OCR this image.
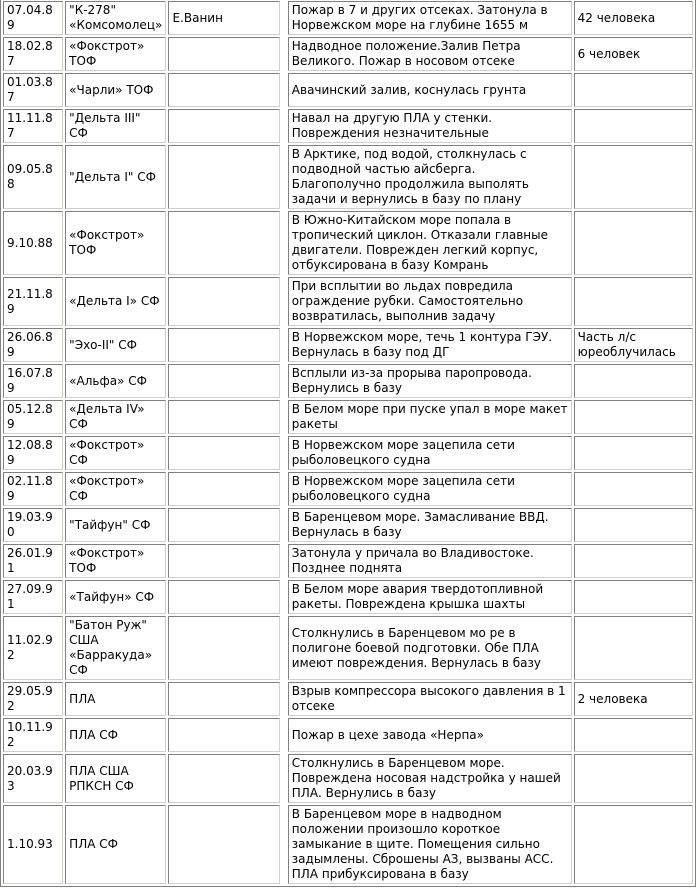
07.04.89	"К-278" «Комсомолец»	Е.Ванин		Пожар в 7 и других отсеках. Затонула в Норвежском море на глубине 1655 м	42 человека
18.02.87	«Фокстрот» ТОФ			Надводное положение.Залив Петра Великого. Пожар в носовом отсеке	6 человек
01.03.87	«Чарли» ТОФ			Авачинский залив, коснулась грунта	
11.11.87	"Дельта III" СФ			Навал на другую ПЛА у стенки. Повреждения незначительные	
09.05.88	"Дельта I" СФ			В Арктике, под водой, столкнулась с подводной частью айсберга. Благополучно продолжила выполять задачи и вернулись в базу по плану	
9.10.88	«Фокстрот» ТОФ			В Южно-Китайском море попала в тропический циклон. Отказали главные двигатели. Поврежден легкий корпус, отбуксирована в базу Комрань	
21.11.89	«Дельта I» СФ			При всплытии во льдах повредила ограждение рубки. Самостоятельно возвратилась, выполнив задачу	
26.06.89	"Эхо-II" СФ			В Норвежском море, течь 1 контура ГЭУ. Вернулась в базу под ДГ	Часть л/с юреоблучилась
16.07.89	«Альфа» СФ			Всплыли из-за прорыва паропровода. Вернулись в базу	
05.12.89	«Дельта IV» СФ			В Белом море при пуске упал в море макет ракеты	
12.08.89	«Фокстрот» СФ			В Норвежском море зацепила сети рыболовецкого судна	
02.11.89	«Фокстрот» СФ			В Норвежском море зацепила сети рыболовецкого судна	
19.03.90	"Тайфун" СФ			В Баренцевом море. Замасливание ВВД. Вернулась в базу	
26.01.91	«Фокстрот» ТОФ			Затонула у причала во Владивостоке. Позднее поднята	
27.09.91	«Тайфун» СФ			В Белом море авария твердотопливной ракеты. Повреждена крышка шахты	
11.02.92	"Батон Руж" США «Барракуда» СФ			Столкнулись в Баренцевом мо ре в полигоне боевой подготовки. Обе ПЛА имеют повреждения. Вернулась в базу	
29.05.92	ПЛА			Взрыв компрессора высокого давления в 1 отсеке	2 человека
10.11.92	ПЛА СФ			Пожар в цехе завода «Нерпа»	
20.03.93	ПЛА США РПКСН СФ			Столкнулись в Баренцевом море. Повреждена носовая надстройка у нашей ПЛА. Вернулись в базу	
1.10.93	ПЛА СФ			В Баренцевом море в надводном положении произошло короткое замыкание в щите. Помещения сильно задымлены. Сброшены АЗ, вызваны АСС. ПЛА прибуксирована в базу	
